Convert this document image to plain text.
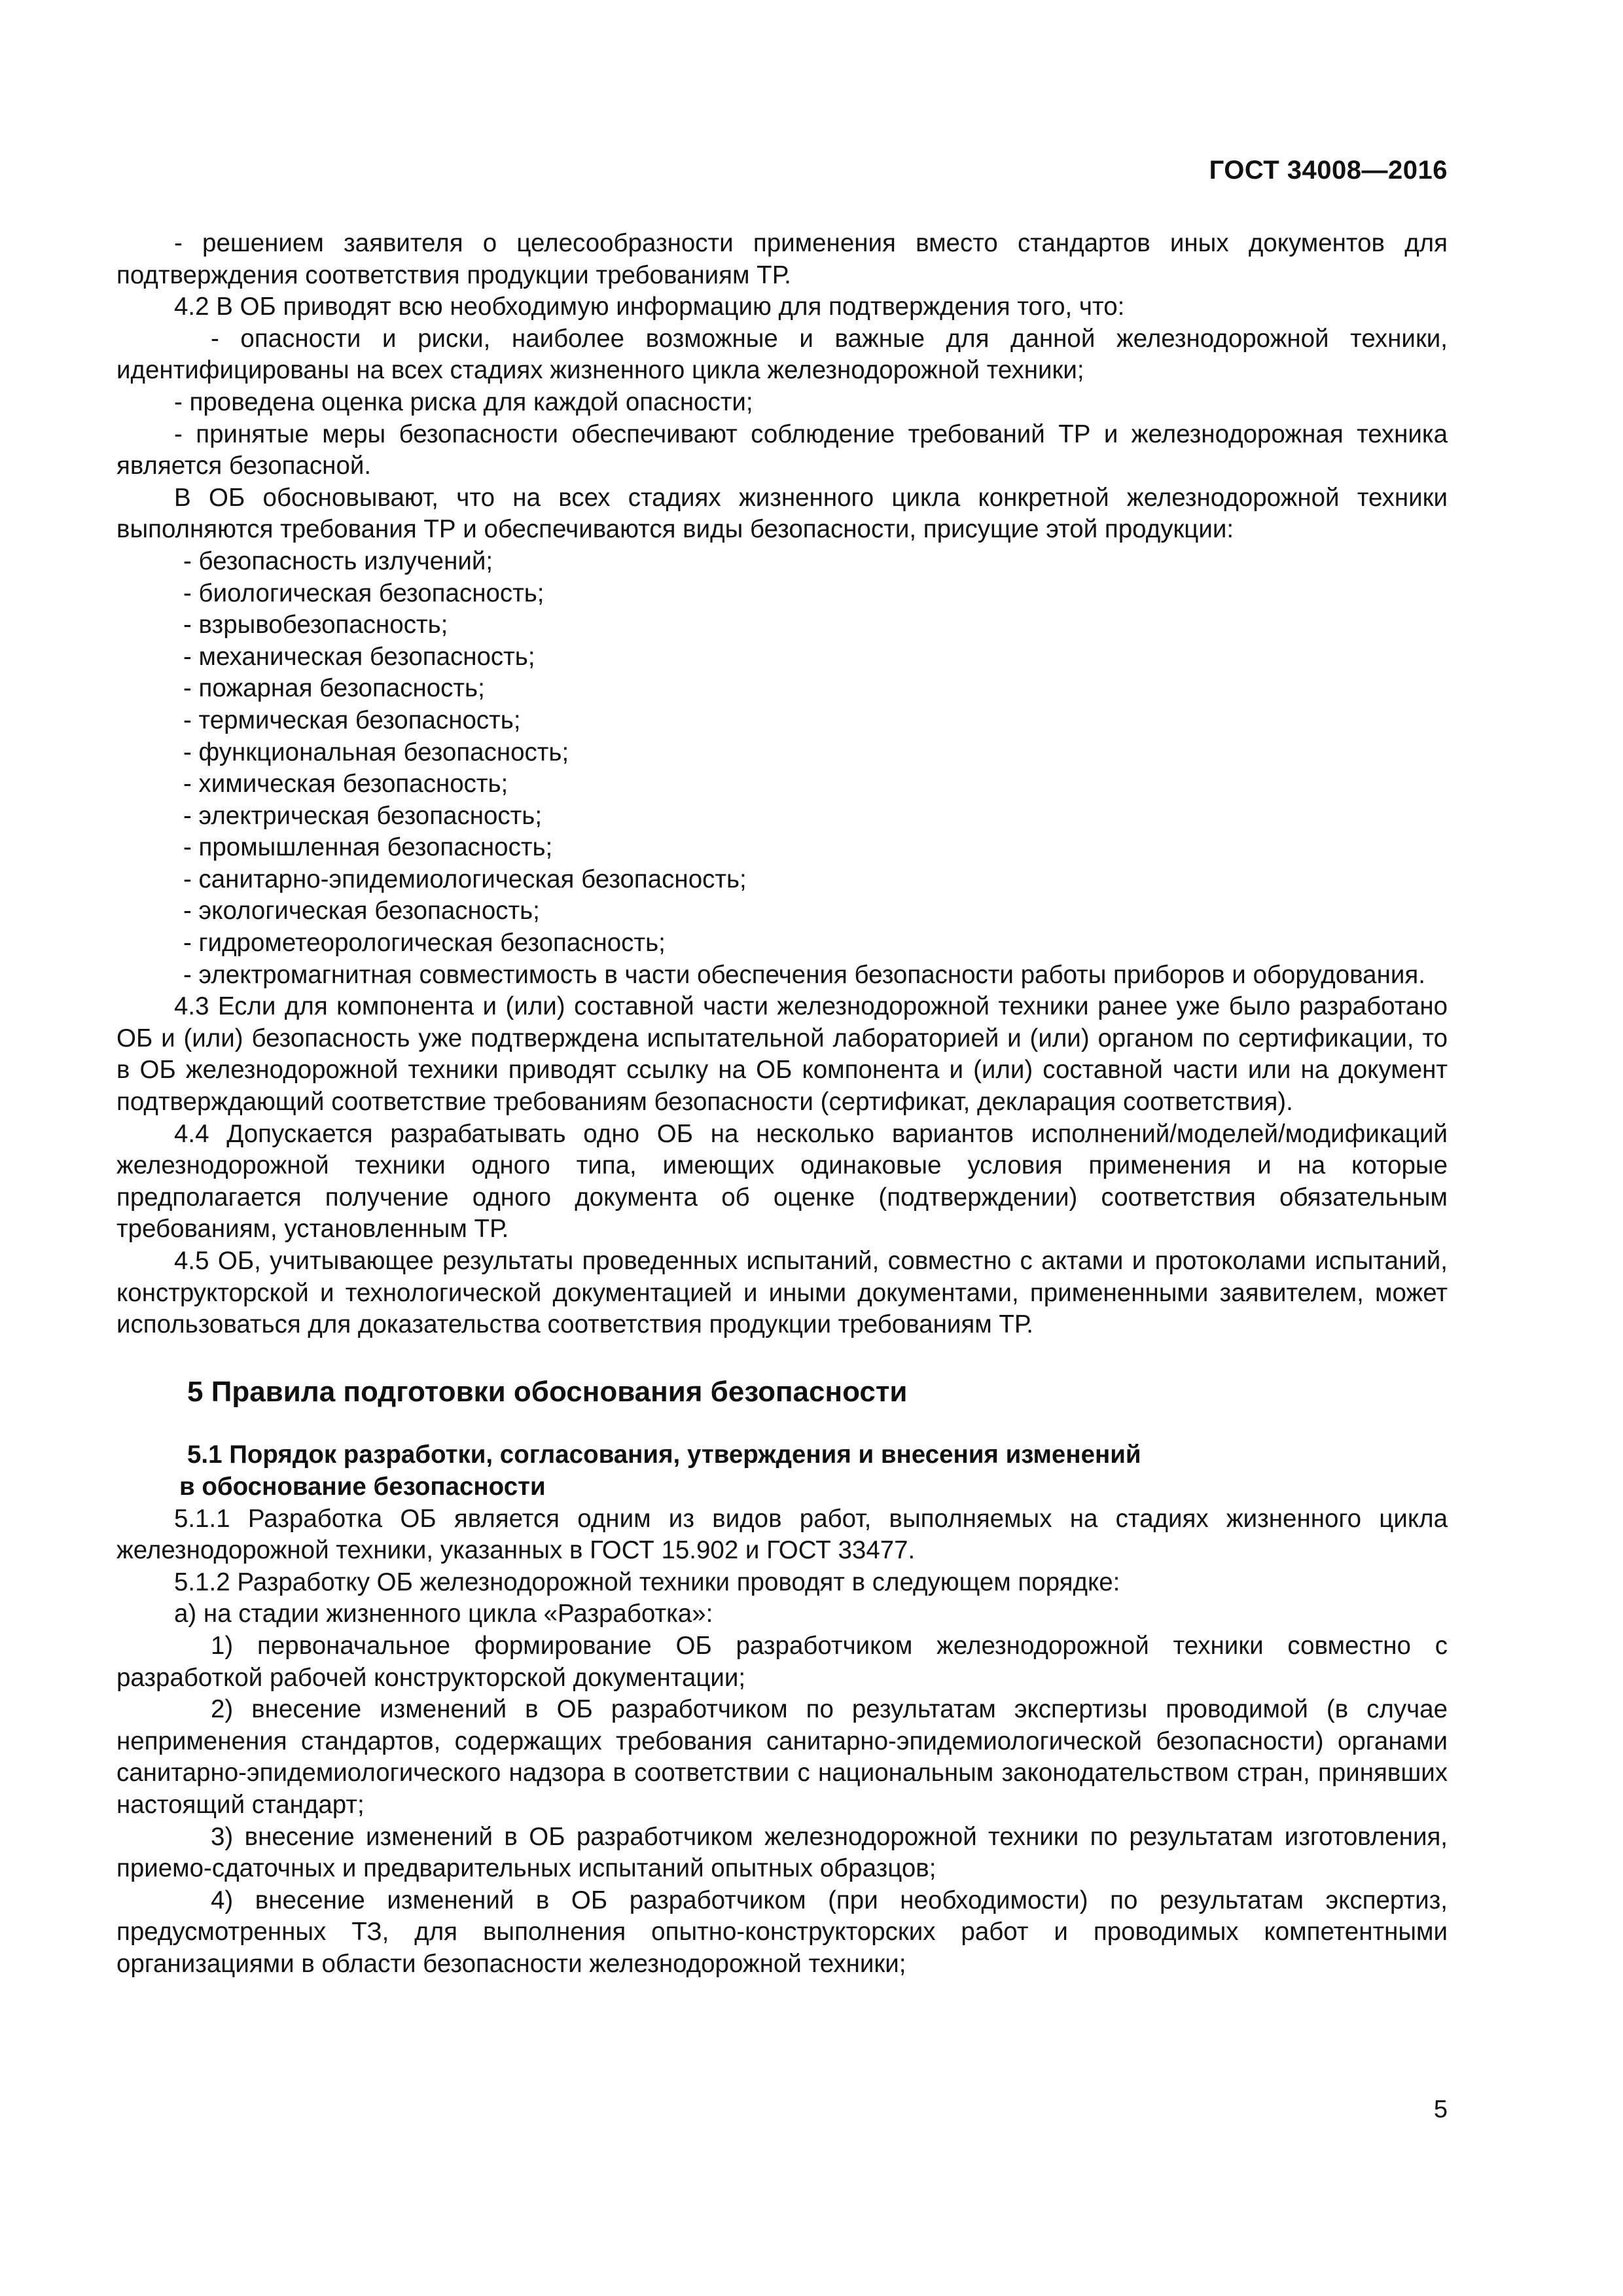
ГОСТ 34008—2016

- решением заявителя о целесообразности применения вместо стандартов иных документов для подтверждения соответствия продукции требованиям ТР.

4.2 В ОБ приводят всю необходимую информацию для подтверждения того, что:

- опасности и риски, наиболее возможные и важные для данной железнодорожной техники, идентифицированы на всех стадиях жизненного цикла железнодорожной техники;

- проведена оценка риска для каждой опасности;

- принятые меры безопасности обеспечивают соблюдение требований ТР и железнодорожная техника является безопасной.

В ОБ обосновывают, что на всех стадиях жизненного цикла конкретной железнодорожной техники выполняются требования ТР и обеспечиваются виды безопасности, присущие этой продукции:

- безопасность излучений;

- биологическая безопасность;

- взрывобезопасность;

- механическая безопасность;

- пожарная безопасность;

- термическая безопасность;

- функциональная безопасность;

- химическая безопасность;

- электрическая безопасность;

- промышленная безопасность;

- санитарно-эпидемиологическая безопасность;

- экологическая безопасность;

- гидрометеорологическая безопасность;

- электромагнитная совместимость в части обеспечения безопасности работы приборов и оборудования.

4.3 Если для компонента и (или) составной части железнодорожной техники ранее уже было разработано ОБ и (или) безопасность уже подтверждена испытательной лабораторией и (или) органом по сертификации, то в ОБ железнодорожной техники приводят ссылку на ОБ компонента и (или) составной части или на документ подтверждающий соответствие требованиям безопасности (сертификат, декларация соответствия).

4.4 Допускается разрабатывать одно ОБ на несколько вариантов исполнений/моделей/модификаций железнодорожной техники одного типа, имеющих одинаковые условия применения и на которые предполагается получение одного документа об оценке (подтверждении) соответствия обязательным требованиям, установленным ТР.

4.5 ОБ, учитывающее результаты проведенных испытаний, совместно с актами и протоколами испытаний, конструкторской и технологической документацией и иными документами, примененными заявителем, может использоваться для доказательства соответствия продукции требованиям ТР.

5 Правила подготовки обоснования безопасности

5.1 Порядок разработки, согласования, утверждения и внесения изменений

в обоснование безопасности

5.1.1 Разработка ОБ является одним из видов работ, выполняемых на стадиях жизненного цикла железнодорожной техники, указанных в ГОСТ 15.902 и ГОСТ 33477.

5.1.2 Разработку ОБ железнодорожной техники проводят в следующем порядке:

а) на стадии жизненного цикла «Разработка»:

1) первоначальное формирование ОБ разработчиком железнодорожной техники совместно с разработкой рабочей конструкторской документации;

2) внесение изменений в ОБ разработчиком по результатам экспертизы проводимой (в случае неприменения стандартов, содержащих требования санитарно-эпидемиологической безопасности) органами санитарно-эпидемиологического надзора в соответствии с национальным законодательством стран, принявших настоящий стандарт;

3) внесение изменений в ОБ разработчиком железнодорожной техники по результатам изготовления, приемо-сдаточных и предварительных испытаний опытных образцов;

4) внесение изменений в ОБ разработчиком (при необходимости) по результатам экспертиз, предусмотренных ТЗ, для выполнения опытно-конструкторских работ и проводимых компетентными организациями в области безопасности железнодорожной техники;

5
